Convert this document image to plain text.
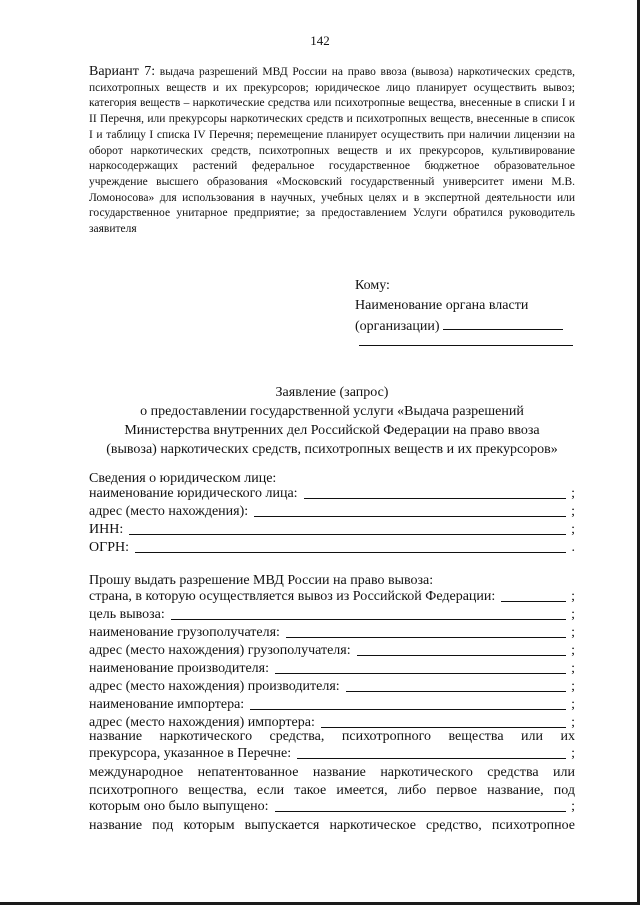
142
Вариант 7: выдача разрешений МВД России на право ввоза (вывоза) наркотических средств, психотропных веществ и их прекурсоров; юридическое лицо планирует осуществить вывоз; категория веществ – наркотические средства или психотропные вещества, внесенные в списки I и II Перечня, или прекурсоры наркотических средств и психотропных веществ, внесенные в список I и таблицу I списка IV Перечня; перемещение планирует осуществить при наличии лицензии на оборот наркотических средств, психотропных веществ и их прекурсоров, культивирование наркосодержащих растений федеральное государственное бюджетное образовательное учреждение высшего образования «Московский государственный университет имени М.В. Ломоносова» для использования в научных, учебных целях и в экспертной деятельности или государственное унитарное предприятие; за предоставлением Услуги обратился руководитель заявителя
Кому:
Наименование органа власти
(организации)
Заявление (запрос)
о предоставлении государственной услуги «Выдача разрешений
Министерства внутренних дел Российской Федерации на право ввоза
(вывоза) наркотических средств, психотропных веществ и их прекурсоров»
Сведения о юридическом лице:
наименование юридического лица:	;
адрес (место нахождения):	;
ИНН:	;
ОГРН:	.
Прошу выдать разрешение МВД России на право вывоза:
страна, в которую осуществляется вывоз из Российской Федерации:	;
цель вывоза:	;
наименование грузополучателя:	;
адрес (место нахождения) грузополучателя:	;
наименование производителя:	;
адрес (место нахождения) производителя:	;
наименование импортера:	;
адрес (место нахождения) импортера:	;
название наркотического средства, психотропного вещества или их
прекурсора, указанное в Перечне:	;
международное непатентованное название наркотического средства или
психотропного вещества, если такое имеется, либо первое название, под
которым оно было выпущено:	;
название под которым выпускается наркотическое средство, психотропное
